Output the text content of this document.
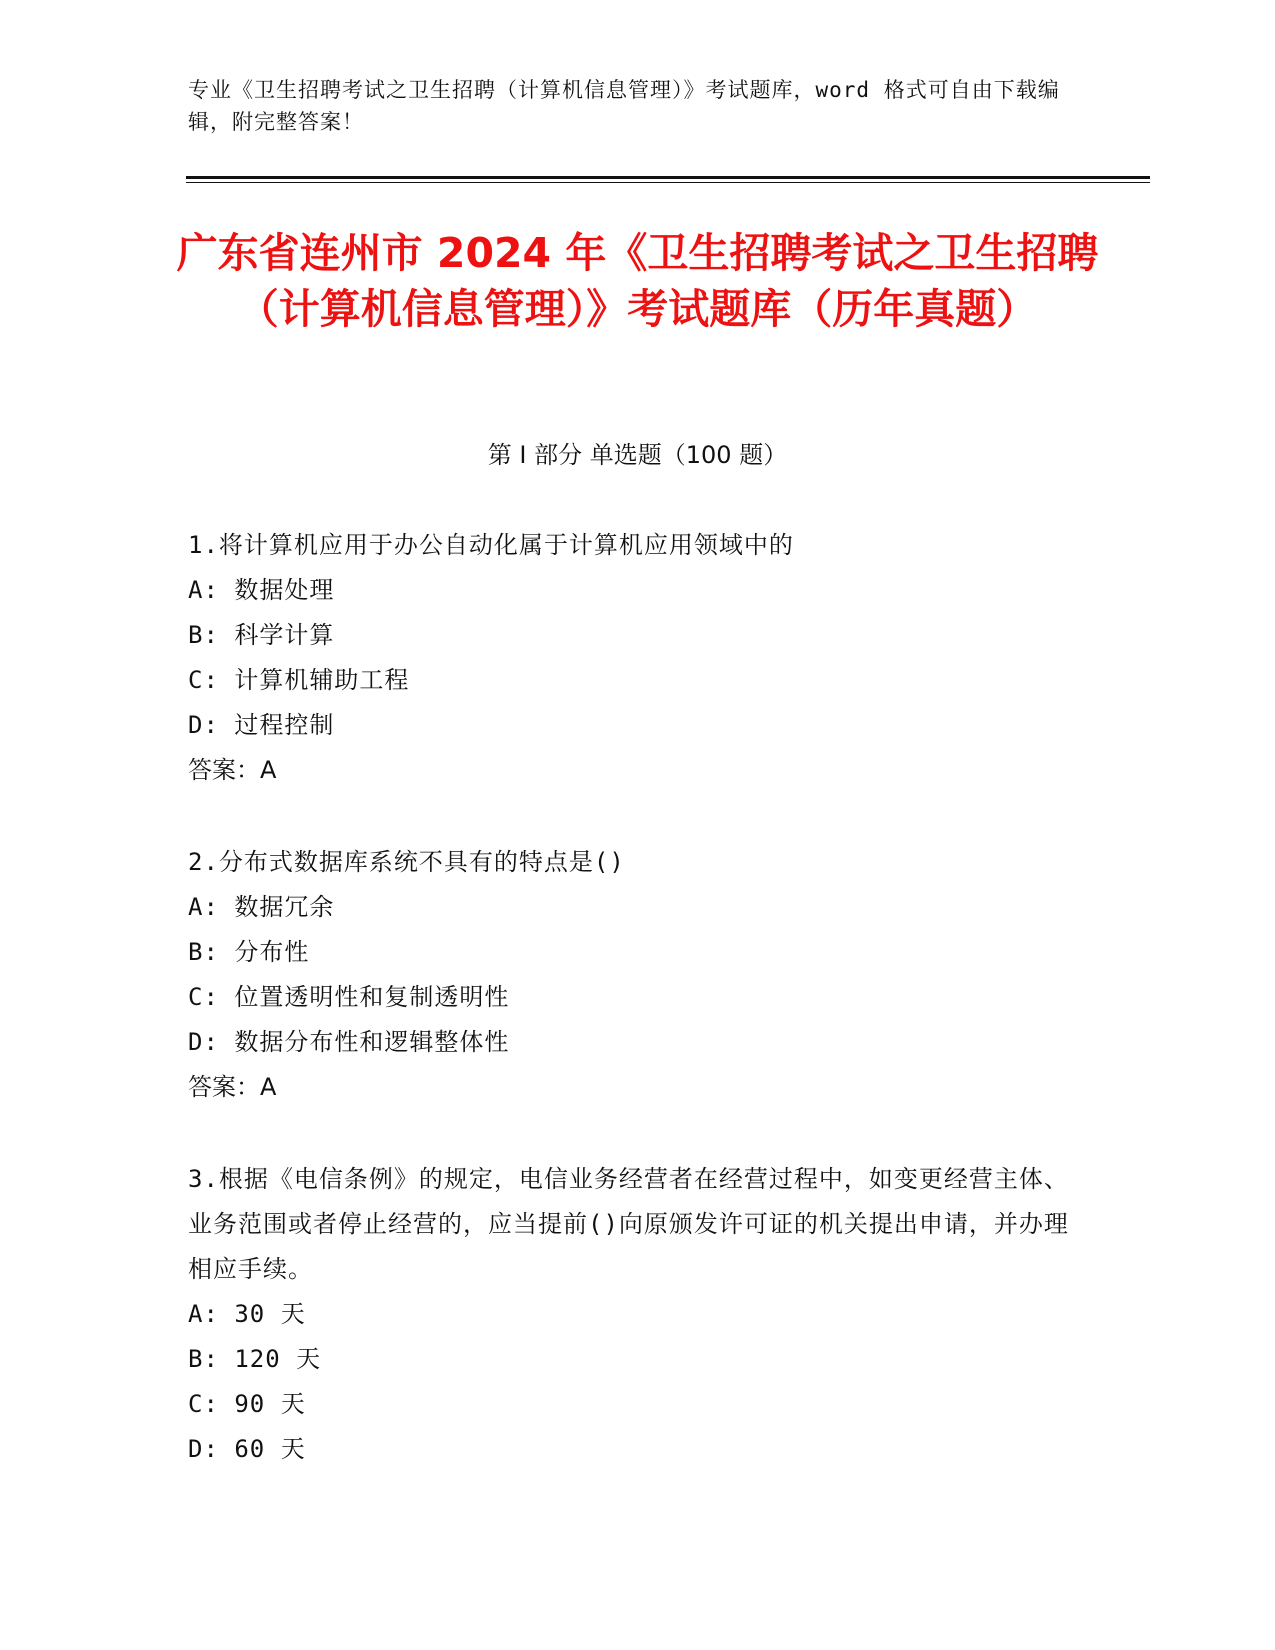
专业《卫生招聘考试之卫生招聘（计算机信息管理）》考试题库，word 格式可自由下载编辑，附完整答案！
广东省连州市 2024 年《卫生招聘考试之卫生招聘（计算机信息管理）》考试题库（历年真题）
第 I 部分 单选题（100 题）
1.将计算机应用于办公自动化属于计算机应用领域中的
A: 数据处理
B: 科学计算
C: 计算机辅助工程
D: 过程控制
答案：A
2.分布式数据库系统不具有的特点是()
A: 数据冗余
B: 分布性
C: 位置透明性和复制透明性
D: 数据分布性和逻辑整体性
答案：A
3.根据《电信条例》的规定，电信业务经营者在经营过程中，如变更经营主体、业务范围或者停止经营的，应当提前()向原颁发许可证的机关提出申请，并办理相应手续。
A: 30 天
B: 120 天
C: 90 天
D: 60 天
